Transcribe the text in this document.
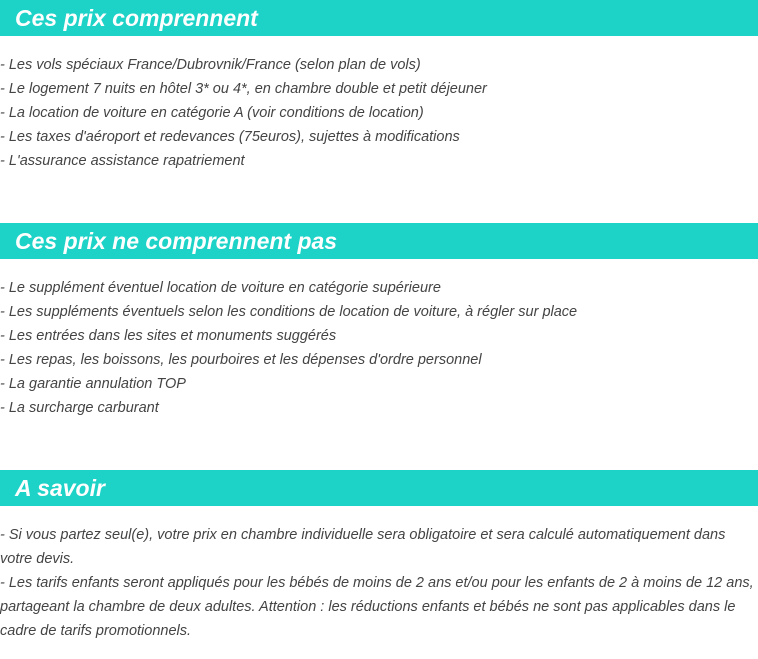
Ces prix comprennent
- Les vols spéciaux France/Dubrovnik/France (selon plan de vols)
- Le logement 7 nuits en hôtel 3* ou 4*, en chambre double et petit déjeuner
- La location de voiture en catégorie A (voir conditions de location)
- Les taxes d'aéroport et redevances (75euros), sujettes à modifications
- L'assurance assistance rapatriement
Ces prix ne comprennent pas
- Le supplément éventuel location de voiture en catégorie supérieure
- Les suppléments éventuels selon les conditions de location de voiture, à régler sur place
- Les entrées dans les sites et monuments suggérés
- Les repas, les boissons, les pourboires et les dépenses d'ordre personnel
- La garantie annulation TOP
- La surcharge carburant
A savoir

- Si vous partez seul(e), votre prix en chambre individuelle sera obligatoire et sera calculé automatiquement dans votre devis.

- Les tarifs enfants seront appliqués pour les bébés de moins de 2 ans et/ou pour les enfants de 2 à moins de 12 ans, partageant la chambre de deux adultes. Attention : les réductions enfants et bébés ne sont pas applicables dans le cadre de tarifs promotionnels.
